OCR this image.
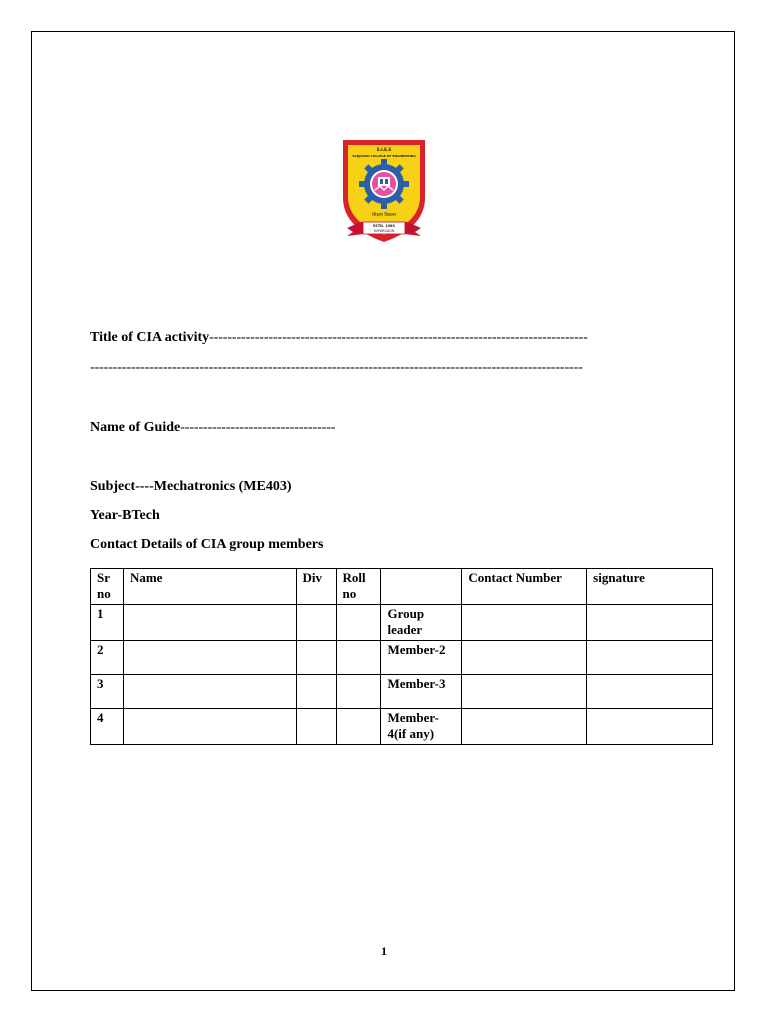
S.I.E.S
SANJIVANI COLLEGE OF ENGINEERING
शिक्षण विकास
ESTD. 1983
KOPARGAON
Title of CIA activity-----------------------------------------------------------------------------------
------------------------------------------------------------------------------------------------------------
Name of Guide----------------------------------
Subject----Mechatronics (ME403)
Year-BTech
Contact Details of CIA group members
Sr no	Name	Div	Roll no		Contact Number	signature
1				Group leader		
2				Member-2		
3				Member-3		
4				Member-4(if any)		
1
